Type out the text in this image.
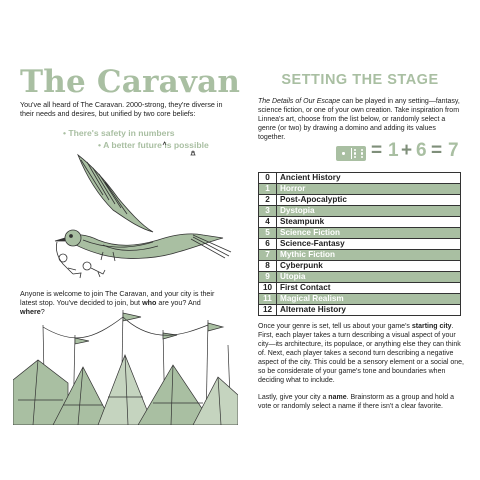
The Caravan
You've all heard of The Caravan. 2000-strong, they're diverse in their needs and desires, but unified by two core beliefs:
• There's safety in numbers
• A better future is possible
Anyone is welcome to join The Caravan, and your city is their latest stop. You've decided to join, but who are you? And where?
SETTING THE STAGE
The Details of Our Escape can be played in any setting—fantasy, science fiction, or one of your own creation. Take inspiration from Linnea's art, choose from the list below, or randomly select a genre (or two) by drawing a domino and adding its values together.
= 1 + 6 = 7
0	Ancient History
1	Horror
2	Post-Apocalyptic
3	Dystopia
4	Steampunk
5	Science Fiction
6	Science-Fantasy
7	Mythic Fiction
8	Cyberpunk
9	Utopia
10	First Contact
11	Magical Realism
12	Alternate History

Once your genre is set, tell us about your game's starting city. First, each player takes a turn describing a visual aspect of your city—its architecture, its populace, or anything else they can think of. Next, each player takes a second turn describing a negative aspect of the city. This could be a sensory element or a social one, so be considerate of your game's tone and boundaries when deciding what to include.

Lastly, give your city a name. Brainstorm as a group and hold a vote or randomly select a name if there isn't a clear favorite.
